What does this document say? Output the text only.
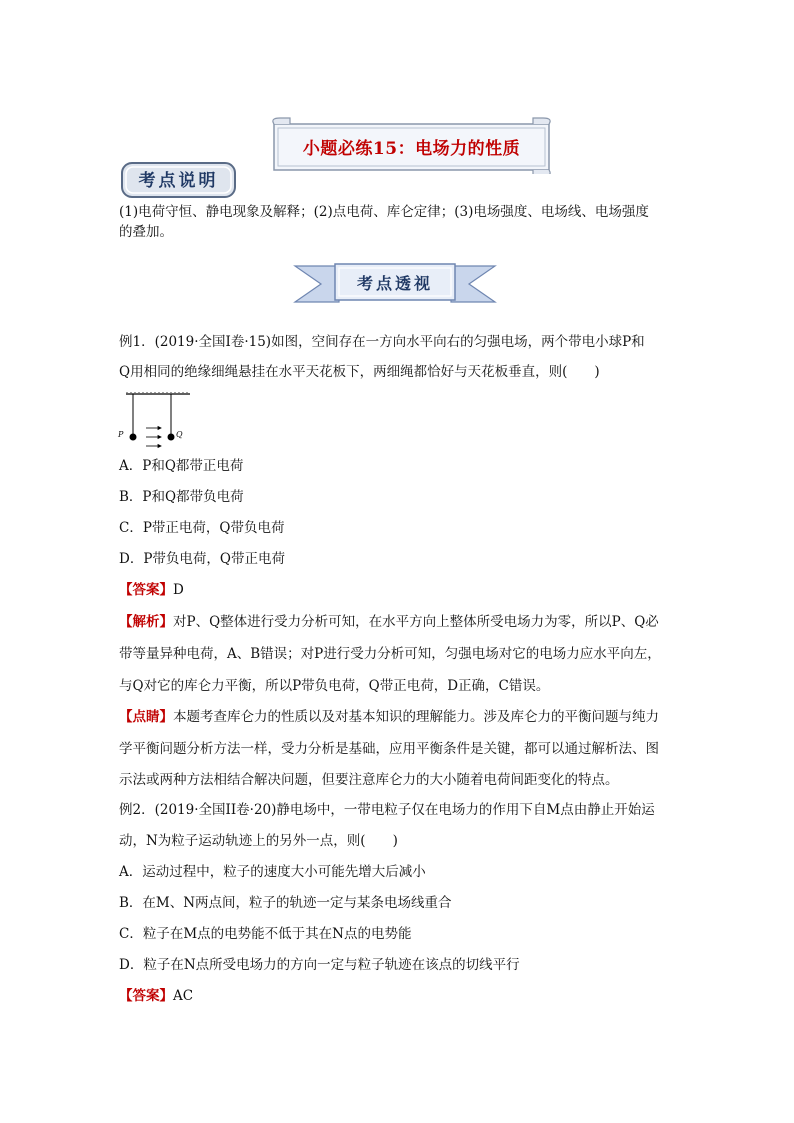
小题必练15：电场力的性质
考点说明
(1)电荷守恒、静电现象及解释；(2)点电荷、库仑定律；(3)电场强度、电场线、电场强度
的叠加。
考点透视
例1．(2019·全国Ⅰ卷·15)如图，空间存在一方向水平向右的匀强电场，两个带电小球P和
Q用相同的绝缘细绳悬挂在水平天花板下，两细绳都恰好与天花板垂直，则(　　)
P	Q
A．P和Q都带正电荷
B．P和Q都带负电荷
C．P带正电荷，Q带负电荷
D．P带负电荷，Q带正电荷
【答案】D
【解析】对P、Q整体进行受力分析可知，在水平方向上整体所受电场力为零，所以P、Q必
带等量异种电荷，A、B错误；对P进行受力分析可知，匀强电场对它的电场力应水平向左，
与Q对它的库仑力平衡，所以P带负电荷，Q带正电荷，D正确，C错误。
【点睛】本题考查库仑力的性质以及对基本知识的理解能力。涉及库仑力的平衡问题与纯力
学平衡问题分析方法一样，受力分析是基础，应用平衡条件是关键，都可以通过解析法、图
示法或两种方法相结合解决问题，但要注意库仑力的大小随着电荷间距变化的特点。
例2．(2019·全国II卷·20)静电场中，一带电粒子仅在电场力的作用下自M点由静止开始运
动，N为粒子运动轨迹上的另外一点，则(　　)
A．运动过程中，粒子的速度大小可能先增大后减小
B．在M、N两点间，粒子的轨迹一定与某条电场线重合
C．粒子在M点的电势能不低于其在N点的电势能
D．粒子在N点所受电场力的方向一定与粒子轨迹在该点的切线平行
【答案】AC
